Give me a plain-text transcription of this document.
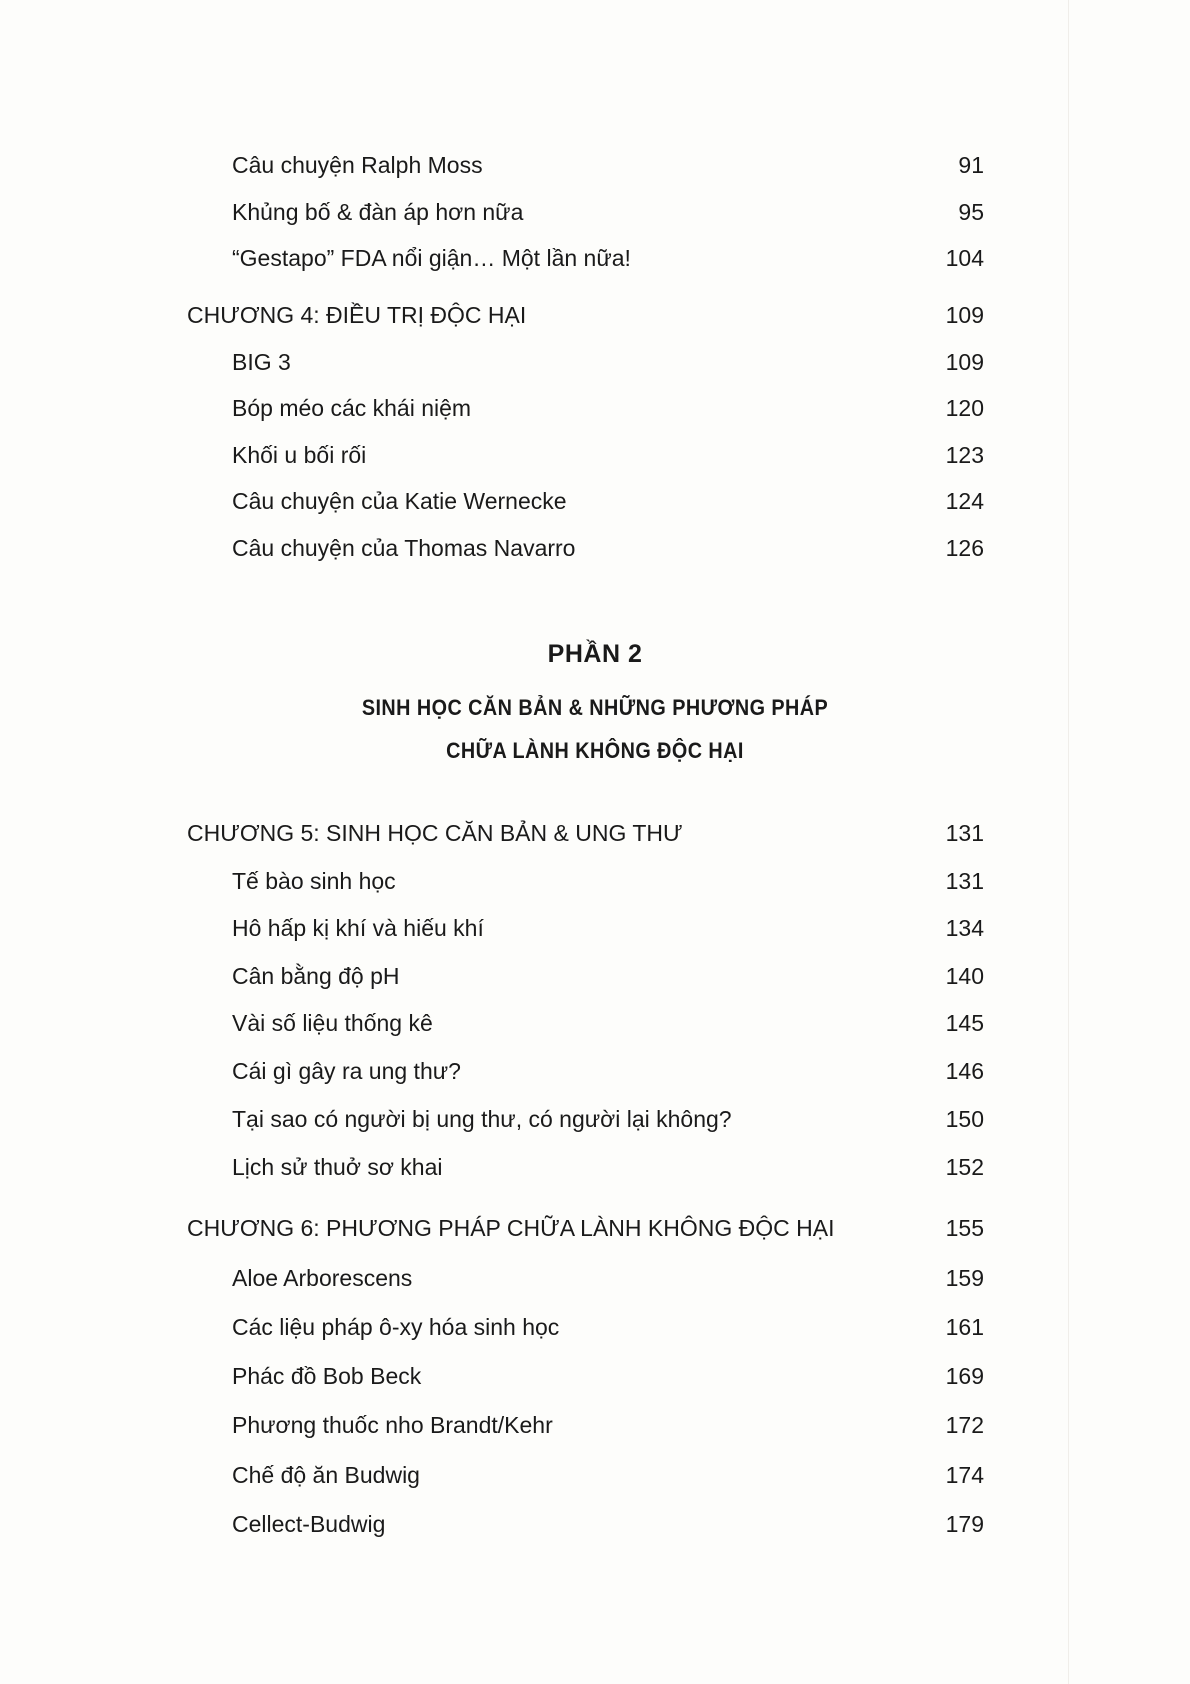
Câu chuyện Ralph Moss	91
Khủng bố & đàn áp hơn nữa	95
“Gestapo” FDA nổi giận… Một lần nữa!	104
CHƯƠNG 4: ĐIỀU TRỊ ĐỘC HẠI	109
BIG 3	109
Bóp méo các khái niệm	120
Khối u bối rối	123
Câu chuyện của Katie Wernecke	124
Câu chuyện của Thomas Navarro	126
PHẦN 2
SINH HỌC CĂN BẢN & NHỮNG PHƯƠNG PHÁP
CHỮA LÀNH KHÔNG ĐỘC HẠI
CHƯƠNG 5: SINH HỌC CĂN BẢN & UNG THƯ	131
Tế bào sinh học	131
Hô hấp kị khí và hiếu khí	134
Cân bằng độ pH	140
Vài số liệu thống kê	145
Cái gì gây ra ung thư?	146
Tại sao có người bị ung thư, có người lại không?	150
Lịch sử thuở sơ khai	152
CHƯƠNG 6: PHƯƠNG PHÁP CHỮA LÀNH KHÔNG ĐỘC HẠI	155
Aloe Arborescens	159
Các liệu pháp ô-xy hóa sinh học	161
Phác đồ Bob Beck	169
Phương thuốc nho Brandt/Kehr	172
Chế độ ăn Budwig	174
Cellect-Budwig	179
